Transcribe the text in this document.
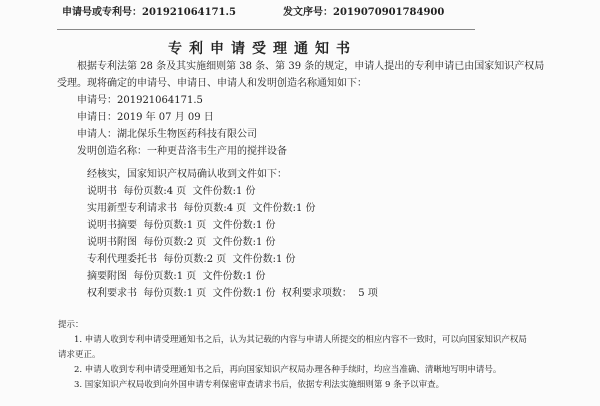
申请号或专利号：201921064171.5	发文序号：2019070901784900
专利申请受理通知书
根据专利法第 28 条及其实施细则第 38 条、第 39 条的规定，申请人提出的专利申请已由国家知识产权局
受理。现将确定的申请号、申请日、申请人和发明创造名称通知如下：
申请号：201921064171.5
申请日：2019 年 07 月 09 日
申请人：湖北保乐生物医药科技有限公司
发明创造名称：一种更昔洛韦生产用的搅拌设备
经核实，国家知识产权局确认收到文件如下：
说明书  每份页数:4 页  文件份数:1 份
实用新型专利请求书  每份页数:4 页  文件份数:1 份
说明书摘要  每份页数:1 页  文件份数:1 份
说明书附图  每份页数:2 页  文件份数:1 份
专利代理委托书  每份页数:2 页  文件份数:1 份
摘要附图  每份页数:1 页  文件份数:1 份
权利要求书  每份页数:1 页  文件份数:1 份  权利要求项数：  5 项
提示：
1. 申请人收到专利申请受理通知书之后，认为其记载的内容与申请人所提交的相应内容不一致时，可以向国家知识产权局
请求更正。
2. 申请人收到专利申请受理通知书之后，再向国家知识产权局办理各种手续时，均应当准确、清晰地写明申请号。
3. 国家知识产权局收到向外国申请专利保密审查请求书后，依据专利法实施细则第 9 条予以审查。
